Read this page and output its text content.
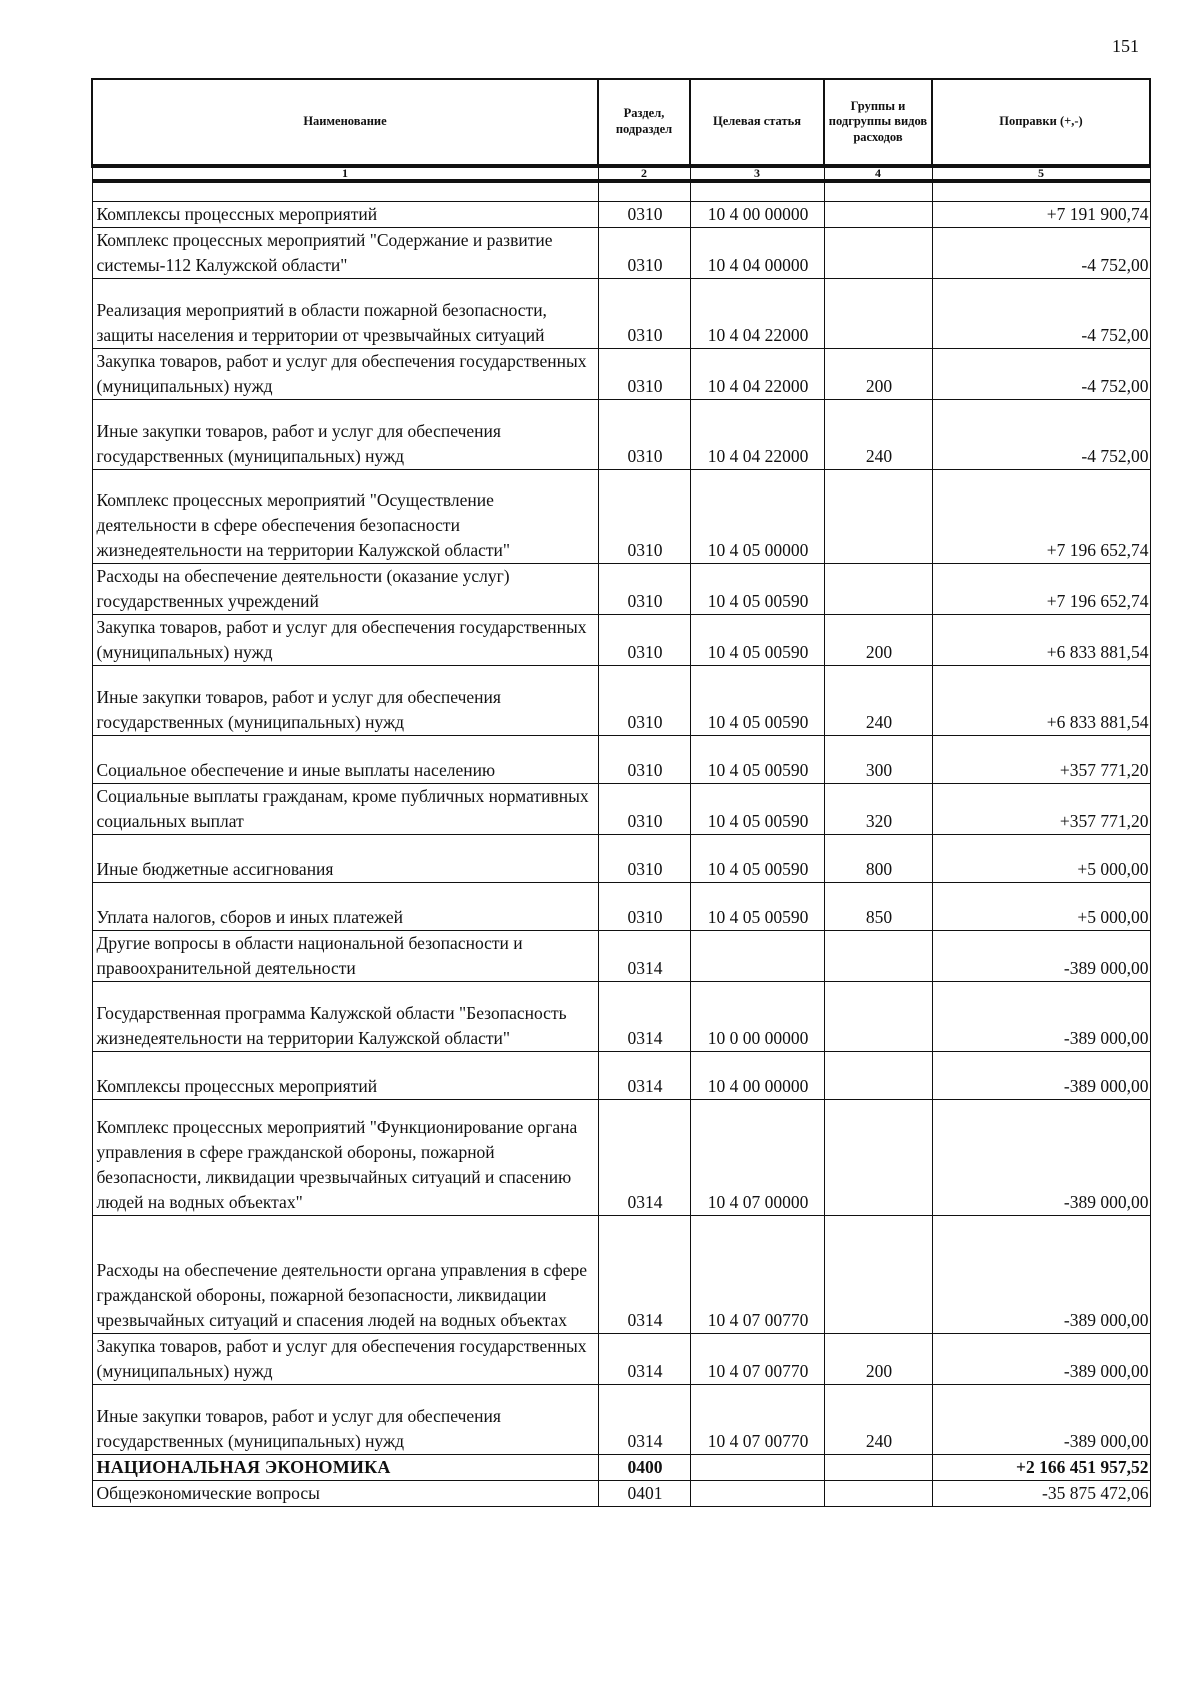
151
Наименование	Раздел, подраздел	Целевая статья	Группы и подгруппы видов расходов	Поправки (+,-)
1	2	3	4	5

Комплексы процессных мероприятий	0310	10 4 00 00000		+7 191 900,74
Комплекс процессных мероприятий "Содержание и развитие системы-112 Калужской области"	0310	10 4 04 00000		-4 752,00
Реализация мероприятий в области пожарной безопасности, защиты населения и территории от чрезвычайных ситуаций	0310	10 4 04 22000		-4 752,00
Закупка товаров, работ и услуг для обеспечения государственных (муниципальных) нужд	0310	10 4 04 22000	200	-4 752,00
Иные закупки товаров, работ и услуг для обеспечения государственных (муниципальных) нужд	0310	10 4 04 22000	240	-4 752,00
Комплекс процессных мероприятий "Осуществление деятельности в сфере обеспечения безопасности жизнедеятельности на территории Калужской области"	0310	10 4 05 00000		+7 196 652,74
Расходы на обеспечение деятельности (оказание услуг) государственных учреждений	0310	10 4 05 00590		+7 196 652,74
Закупка товаров, работ и услуг для обеспечения государственных (муниципальных) нужд	0310	10 4 05 00590	200	+6 833 881,54
Иные закупки товаров, работ и услуг для обеспечения государственных (муниципальных) нужд	0310	10 4 05 00590	240	+6 833 881,54
Социальное обеспечение и иные выплаты населению	0310	10 4 05 00590	300	+357 771,20
Социальные выплаты гражданам, кроме публичных нормативных социальных выплат	0310	10 4 05 00590	320	+357 771,20
Иные бюджетные ассигнования	0310	10 4 05 00590	800	+5 000,00
Уплата налогов, сборов и иных платежей	0310	10 4 05 00590	850	+5 000,00
Другие вопросы в области национальной безопасности и правоохранительной деятельности	0314			-389 000,00
Государственная программа Калужской области "Безопасность жизнедеятельности на территории Калужской области"	0314	10 0 00 00000		-389 000,00
Комплексы процессных мероприятий	0314	10 4 00 00000		-389 000,00
Комплекс процессных мероприятий "Функционирование органа управления в сфере гражданской обороны, пожарной безопасности, ликвидации чрезвычайных ситуаций и спасению людей на водных объектах"	0314	10 4 07 00000		-389 000,00
Расходы на обеспечение деятельности органа управления в сфере гражданской обороны, пожарной безопасности, ликвидации чрезвычайных ситуаций и спасения людей на водных объектах	0314	10 4 07 00770		-389 000,00
Закупка товаров, работ и услуг для обеспечения государственных (муниципальных) нужд	0314	10 4 07 00770	200	-389 000,00
Иные закупки товаров, работ и услуг для обеспечения государственных (муниципальных) нужд	0314	10 4 07 00770	240	-389 000,00
НАЦИОНАЛЬНАЯ ЭКОНОМИКА	0400			+2 166 451 957,52
Общеэкономические вопросы	0401			-35 875 472,06
